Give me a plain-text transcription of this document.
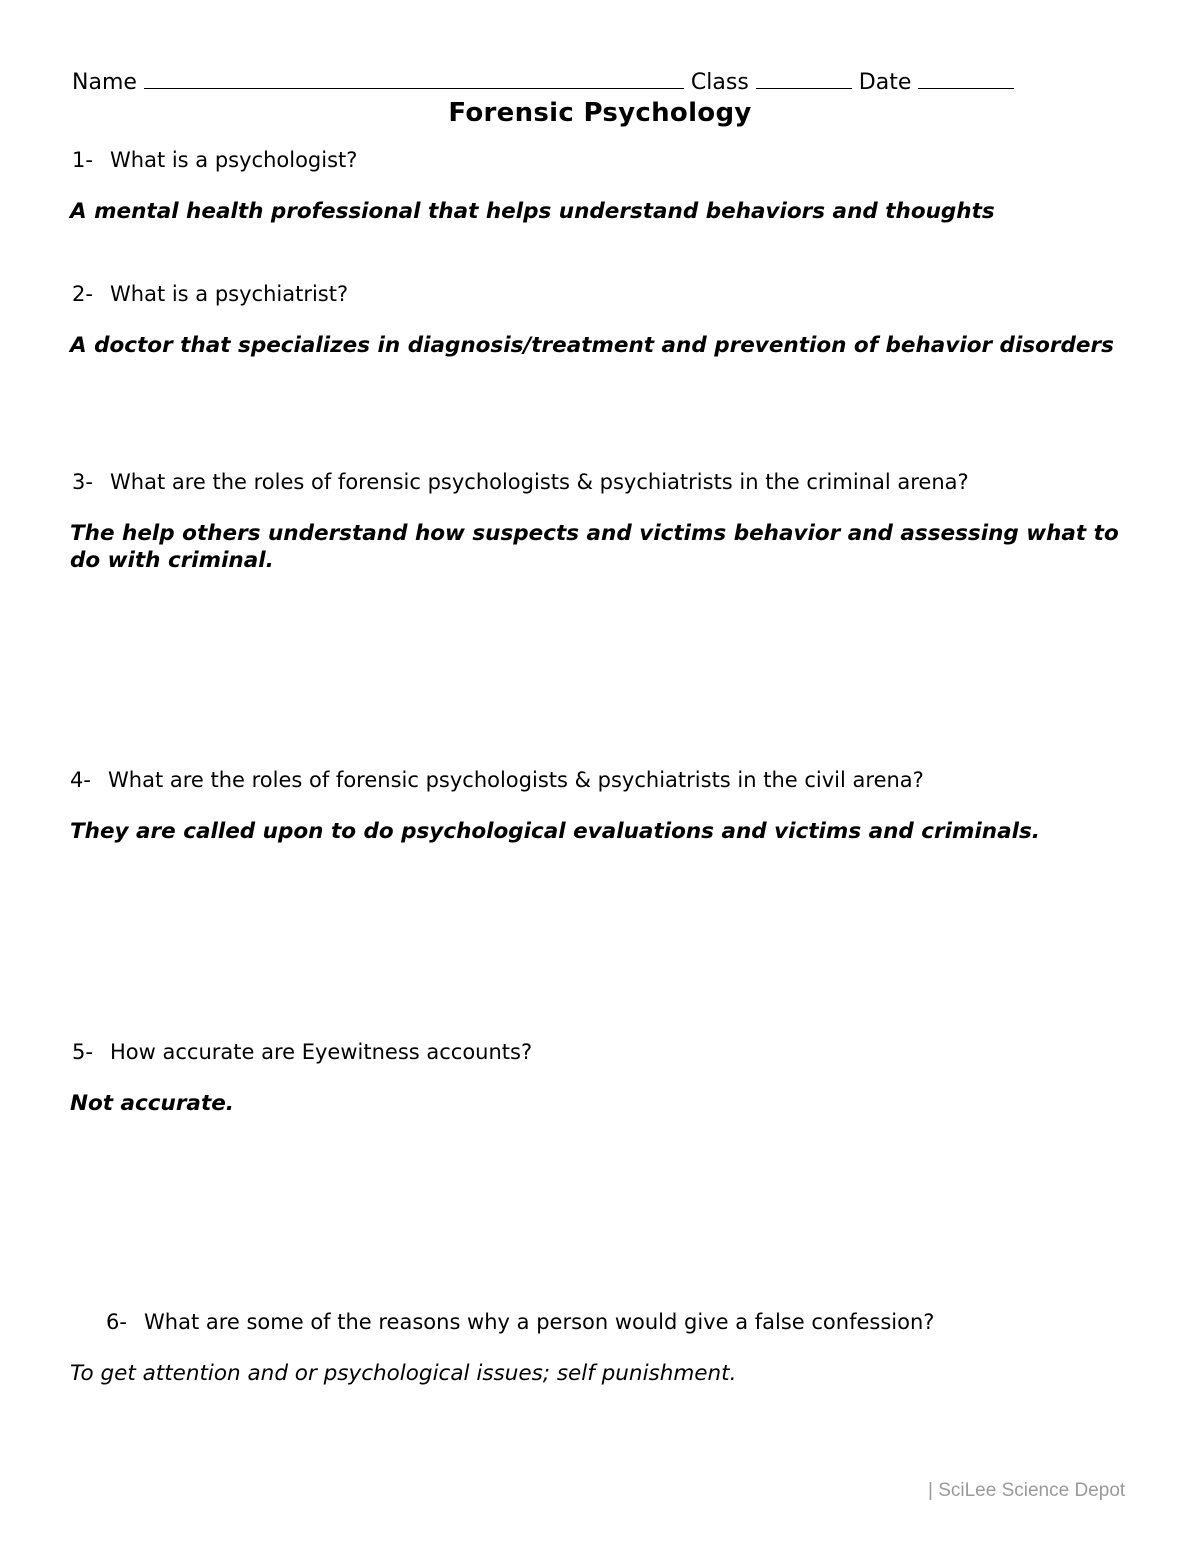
Name	Class	Date
Forensic Psychology
1- What is a psychologist?
A mental health professional that helps understand behaviors and thoughts
2- What is a psychiatrist?
A doctor that specializes in diagnosis/treatment and prevention of behavior disorders
3- What are the roles of forensic psychologists & psychiatrists in the criminal arena?
The help others understand how suspects and victims behavior and assessing what to do with criminal.
4- What are the roles of forensic psychologists & psychiatrists in the civil arena?
They are called upon to do psychological evaluations and victims and criminals.
5- How accurate are Eyewitness accounts?
Not accurate.
6- What are some of the reasons why a person would give a false confession?
To get attention and or psychological issues; self punishment.
| SciLee Science Depot
